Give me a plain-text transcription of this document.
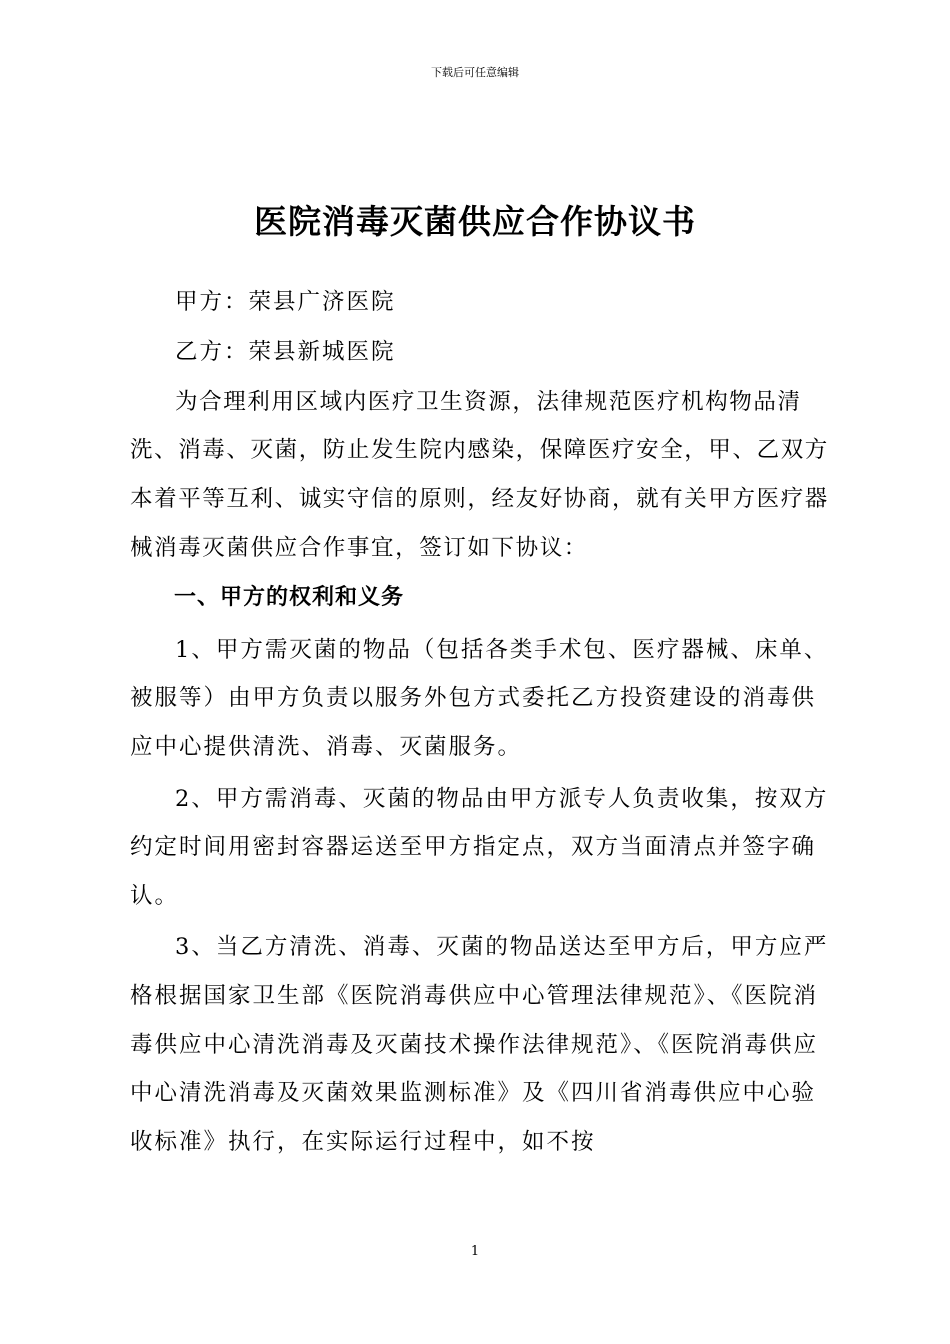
下载后可任意编辑
医院消毒灭菌供应合作协议书

甲方：荣县广济医院

乙方：荣县新城医院

为合理利用区域内医疗卫生资源，法律规范医疗机构物品清洗、消毒、灭菌，防止发生院内感染，保障医疗安全，甲、乙双方本着平等互利、诚实守信的原则，经友好协商，就有关甲方医疗器械消毒灭菌供应合作事宜，签订如下协议：

一、甲方的权利和义务

1、甲方需灭菌的物品（包括各类手术包、医疗器械、床单、被服等）由甲方负责以服务外包方式委托乙方投资建设的消毒供应中心提供清洗、消毒、灭菌服务。

2、甲方需消毒、灭菌的物品由甲方派专人负责收集，按双方约定时间用密封容器运送至甲方指定点，双方当面清点并签字确认。

3、当乙方清洗、消毒、灭菌的物品送达至甲方后，甲方应严格根据国家卫生部《医院消毒供应中心管理法律规范》、《医院消毒供应中心清洗消毒及灭菌技术操作法律规范》、《医院消毒供应中心清洗消毒及灭菌效果监测标准》及《四川省消毒供应中心验收标准》执行，在实际运行过程中，如不按

1
